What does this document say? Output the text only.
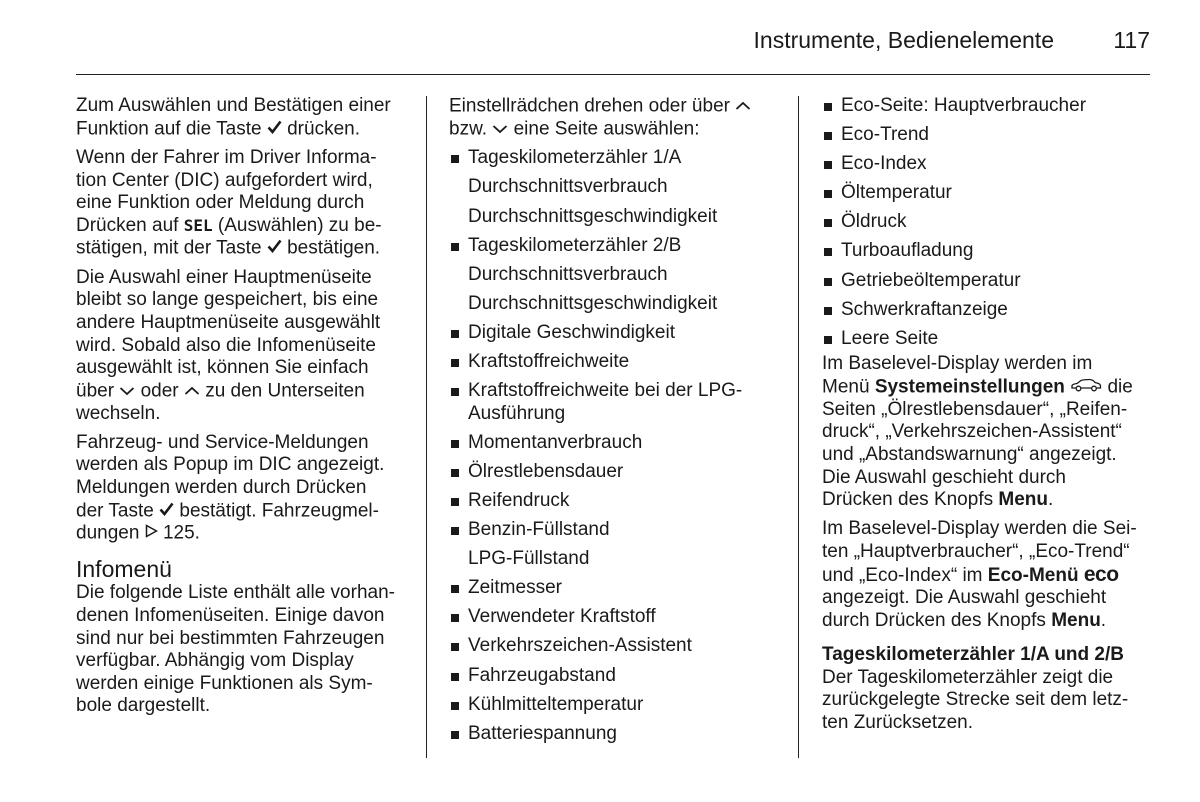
Instrumente, Bedienelemente	117

Zum Auswählen und Bestätigen einer
Funktion auf die Taste drücken.

Wenn der Fahrer im Driver Informa-
tion Center (DIC) aufgefordert wird,
eine Funktion oder Meldung durch
Drücken auf SEL (Auswählen) zu be-
stätigen, mit der Taste bestätigen.

Die Auswahl einer Hauptmenüseite
bleibt so lange gespeichert, bis eine
andere Hauptmenüseite ausgewählt
wird. Sobald also die Infomenüseite
ausgewählt ist, können Sie einfach
über oder zu den Unterseiten
wechseln.

Fahrzeug- und Service-Meldungen
werden als Popup im DIC angezeigt.
Meldungen werden durch Drücken
der Taste bestätigt. Fahrzeugmel-
dungen 125.

Infomenü

Die folgende Liste enthält alle vorhan-
denen Infomenüseiten. Einige davon
sind nur bei bestimmten Fahrzeugen
verfügbar. Abhängig vom Display
werden einige Funktionen als Sym-
bole dargestellt.

Einstellrädchen drehen oder über
bzw. eine Seite auswählen:

Tageskilometerzähler 1/A
Durchschnittsverbrauch
Durchschnittsgeschwindigkeit
Tageskilometerzähler 2/B
Durchschnittsverbrauch
Durchschnittsgeschwindigkeit
Digitale Geschwindigkeit
Kraftstoffreichweite
Kraftstoffreichweite bei der LPG-
Ausführung
Momentanverbrauch
Ölrestlebensdauer
Reifendruck
Benzin-Füllstand
LPG-Füllstand
Zeitmesser
Verwendeter Kraftstoff
Verkehrszeichen-Assistent
Fahrzeugabstand
Kühlmitteltemperatur
Batteriespannung
Eco-Seite: Hauptverbraucher
Eco-Trend
Eco-Index
Öltemperatur
Öldruck
Turboaufladung
Getriebeöltemperatur
Schwerkraftanzeige
Leere Seite

Im Baselevel-Display werden im
Menü Systemeinstellungen die
Seiten „Ölrestlebensdauer“, „Reifen-
druck“, „Verkehrszeichen-Assistent“
und „Abstandswarnung“ angezeigt.
Die Auswahl geschieht durch
Drücken des Knopfs Menu.

Im Baselevel-Display werden die Sei-
ten „Hauptverbraucher“, „Eco-Trend“
und „Eco-Index“ im Eco-Menü eco
angezeigt. Die Auswahl geschieht
durch Drücken des Knopfs Menu.

Tageskilometerzähler 1/A und 2/B

Der Tageskilometerzähler zeigt die
zurückgelegte Strecke seit dem letz-
ten Zurücksetzen.
